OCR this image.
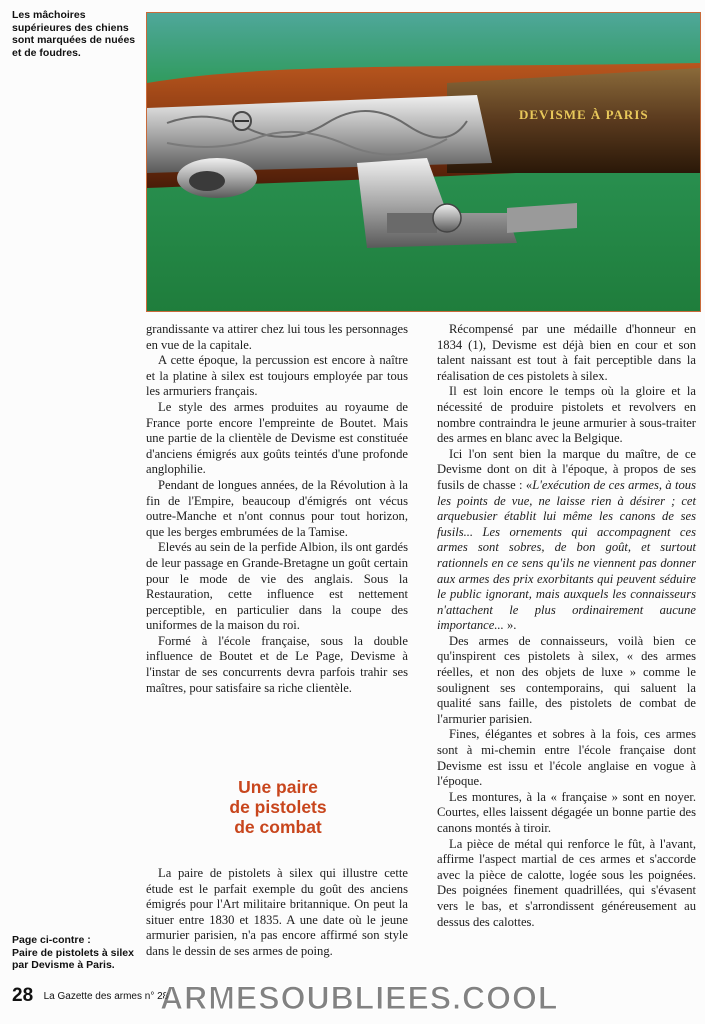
Les mâchoires supérieures des chiens sont marquées de nuées et de foudres.
DEVISME À PARIS

grandissante va attirer chez lui tous les personnages en vue de la capitale.

A cette époque, la percussion est encore à naître et la platine à silex est toujours employée par tous les armuriers français.

Le style des armes produites au royaume de France porte encore l'empreinte de Boutet. Mais une partie de la clientèle de Devisme est constituée d'anciens émigrés aux goûts teintés d'une profonde anglophilie.

Pendant de longues années, de la Révolution à la fin de l'Empire, beaucoup d'émigrés ont vécus outre-Manche et n'ont connus pour tout horizon, que les berges embrumées de la Tamise.

Elevés au sein de la perfide Albion, ils ont gardés de leur passage en Grande-Bretagne un goût certain pour le mode de vie des anglais. Sous la Restauration, cette influence est nettement perceptible, en particulier dans la coupe des uniformes de la maison du roi.

Formé à l'école française, sous la double influence de Boutet et de Le Page, Devisme à l'instar de ses concurrents devra parfois trahir ses maîtres, pour satisfaire sa riche clientèle.

Une paire
de pistolets
de combat

La paire de pistolets à silex qui illustre cette étude est le parfait exemple du goût des anciens émigrés pour l'Art militaire britannique. On peut la situer entre 1830 et 1835. A une date où le jeune armurier parisien, n'a pas encore affirmé son style dans le dessin de ses armes de poing.

Récompensé par une médaille d'honneur en 1834 (1), Devisme est déjà bien en cour et son talent naissant est tout à fait perceptible dans la réalisation de ces pistolets à silex.

Il est loin encore le temps où la gloire et la nécessité de produire pistolets et revolvers en nombre contraindra le jeune armurier à sous-traiter des armes en blanc avec la Belgique.

Ici l'on sent bien la marque du maître, de ce Devisme dont on dit à l'époque, à propos de ses fusils de chasse : «L'exécution de ces armes, à tous les points de vue, ne laisse rien à désirer ; cet arquebusier établit lui même les canons de ses fusils... Les ornements qui accompagnent ces armes sont sobres, de bon goût, et surtout rationnels en ce sens qu'ils ne viennent pas donner aux armes des prix exorbitants qui peuvent séduire le public ignorant, mais auxquels les connaisseurs n'attachent le plus ordinairement aucune importance... ».

Des armes de connaisseurs, voilà bien ce qu'inspirent ces pistolets à silex, « des armes réelles, et non des objets de luxe » comme le soulignent ses contemporains, qui saluent la qualité sans faille, des pistolets de combat de l'armurier parisien.

Fines, élégantes et sobres à la fois, ces armes sont à mi-chemin entre l'école française dont Devisme est issu et l'école anglaise en vogue à l'époque.

Les montures, à la « française » sont en noyer. Courtes, elles laissent dégagée un bonne partie des canons montés à tiroir.

La pièce de métal qui renforce le fût, à l'avant, affirme l'aspect martial de ces armes et s'accorde avec la pièce de calotte, logée sous les poignées. Des poignées finement quadrillées, qui s'évasent vers le bas, et s'arrondissent généreusement au dessus des calottes.

Page ci-contre :
Paire de pistolets à silex par Devisme à Paris.
28 La Gazette des armes n° 28
ARMESOUBLIEES.COOL
